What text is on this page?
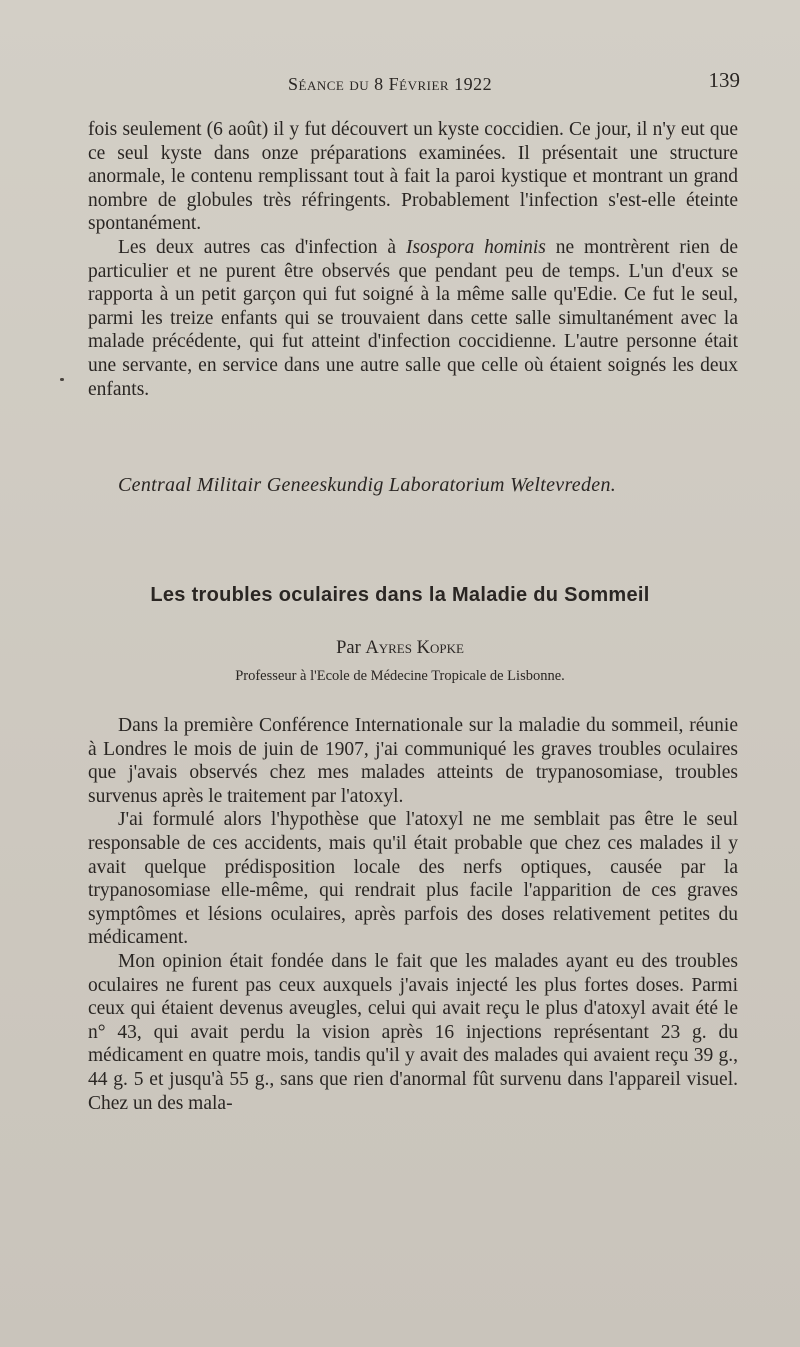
Séance du 8 Février 1922	139

fois seulement (6 août) il y fut découvert un kyste coccidien. Ce jour, il n'y eut que ce seul kyste dans onze préparations examinées. Il présentait une structure anormale, le contenu remplissant tout à fait la paroi kystique et montrant un grand nombre de globules très réfringents. Probablement l'infection s'est-elle éteinte spontanément.

Les deux autres cas d'infection à Isospora hominis ne montrèrent rien de particulier et ne purent être observés que pendant peu de temps. L'un d'eux se rapporta à un petit garçon qui fut soigné à la même salle qu'Edie. Ce fut le seul, parmi les treize enfants qui se trouvaient dans cette salle simultanément avec la malade précédente, qui fut atteint d'infection coccidienne. L'autre personne était une servante, en service dans une autre salle que celle où étaient soignés les deux enfants.

Centraal Militair Geneeskundig Laboratorium Weltevreden.
Les troubles oculaires dans la Maladie du Sommeil
Par Ayres Kopke
Professeur à l'Ecole de Médecine Tropicale de Lisbonne.

Dans la première Conférence Internationale sur la maladie du sommeil, réunie à Londres le mois de juin de 1907, j'ai communiqué les graves troubles oculaires que j'avais observés chez mes malades atteints de trypanosomiase, troubles survenus après le traitement par l'atoxyl.

J'ai formulé alors l'hypothèse que l'atoxyl ne me semblait pas être le seul responsable de ces accidents, mais qu'il était probable que chez ces malades il y avait quelque prédisposition locale des nerfs optiques, causée par la trypanosomiase elle-même, qui rendrait plus facile l'apparition de ces graves symptômes et lésions oculaires, après parfois des doses relativement petites du médicament.

Mon opinion était fondée dans le fait que les malades ayant eu des troubles oculaires ne furent pas ceux auxquels j'avais injecté les plus fortes doses. Parmi ceux qui étaient devenus aveugles, celui qui avait reçu le plus d'atoxyl avait été le n° 43, qui avait perdu la vision après 16 injections représentant 23 g. du médicament en quatre mois, tandis qu'il y avait des malades qui avaient reçu 39 g., 44 g. 5 et jusqu'à 55 g., sans que rien d'anormal fût survenu dans l'appareil visuel. Chez un des mala-
